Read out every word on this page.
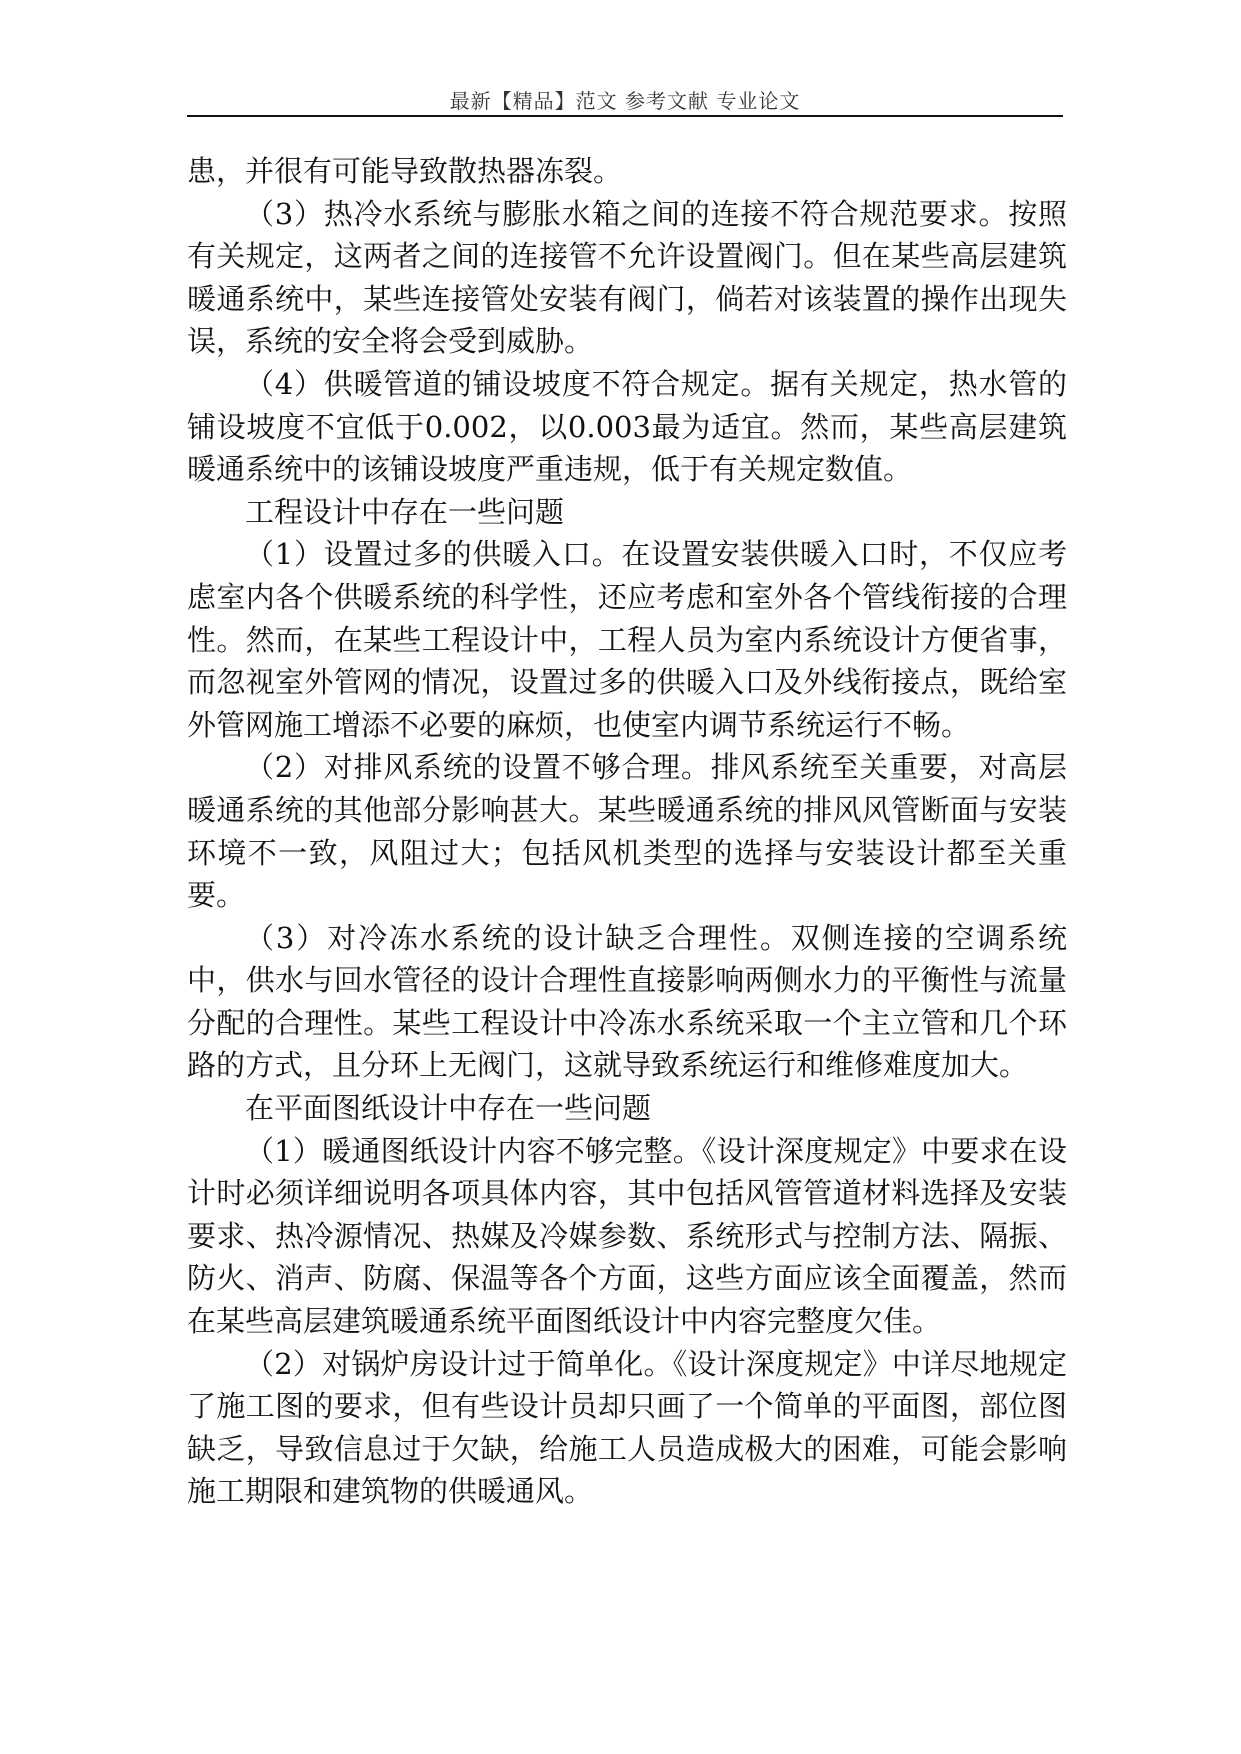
最新【精品】范文 参考文献 专业论文

患，并很有可能导致散热器冻裂。

（3）热冷水系统与膨胀水箱之间的连接不符合规范要求。按照有关规定，这两者之间的连接管不允许设置阀门。但在某些高层建筑暖通系统中，某些连接管处安装有阀门，倘若对该装置的操作出现失误，系统的安全将会受到威胁。

（4）供暖管道的铺设坡度不符合规定。据有关规定，热水管的铺设坡度不宜低于0.002，以0.003最为适宜。然而，某些高层建筑暖通系统中的该铺设坡度严重违规，低于有关规定数值。

工程设计中存在一些问题

（1）设置过多的供暖入口。在设置安装供暖入口时，不仅应考虑室内各个供暖系统的科学性，还应考虑和室外各个管线衔接的合理性。然而，在某些工程设计中，工程人员为室内系统设计方便省事，而忽视室外管网的情况，设置过多的供暖入口及外线衔接点，既给室外管网施工增添不必要的麻烦，也使室内调节系统运行不畅。

（2）对排风系统的设置不够合理。排风系统至关重要，对高层暖通系统的其他部分影响甚大。某些暖通系统的排风风管断面与安装环境不一致，风阻过大；包括风机类型的选择与安装设计都至关重要。

（3）对冷冻水系统的设计缺乏合理性。双侧连接的空调系统中，供水与回水管径的设计合理性直接影响两侧水力的平衡性与流量分配的合理性。某些工程设计中冷冻水系统采取一个主立管和几个环路的方式，且分环上无阀门，这就导致系统运行和维修难度加大。

在平面图纸设计中存在一些问题

（1）暖通图纸设计内容不够完整。《设计深度规定》中要求在设计时必须详细说明各项具体内容，其中包括风管管道材料选择及安装要求、热冷源情况、热媒及冷媒参数、系统形式与控制方法、隔振、防火、消声、防腐、保温等各个方面，这些方面应该全面覆盖，然而在某些高层建筑暖通系统平面图纸设计中内容完整度欠佳。

（2）对锅炉房设计过于简单化。《设计深度规定》中详尽地规定了施工图的要求，但有些设计员却只画了一个简单的平面图，部位图缺乏，导致信息过于欠缺，给施工人员造成极大的困难，可能会影响施工期限和建筑物的供暖通风。
